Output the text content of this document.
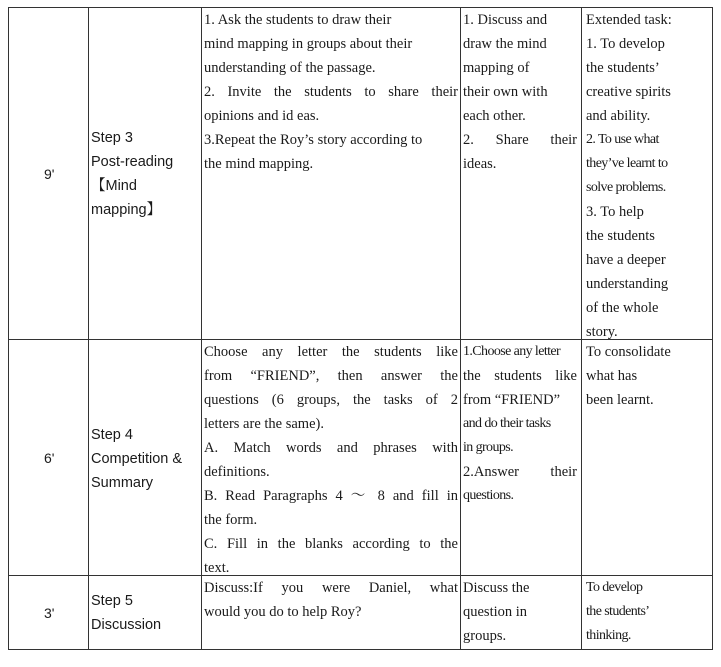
9'
Step 3
Post-reading
【Mind
mapping】
1. Ask the students to draw their
mind mapping in groups about their
understanding of the passage.
2. Invite the students to share their
opinions and id eas.
3.Repeat the Roy’s story according to
the mind mapping.
1. Discuss and
draw the mind
mapping of
their own with
each other.
2. Share their
ideas.
Extended task:
1. To develop
the students’
creative spirits
and ability.
2. To use what
they’ve learnt to
solve problems.
3. To help
the students
have a deeper
understanding
of the whole
story.
6'
Step 4
Competition &
Summary
Choose any letter the students like
from “FRIEND”, then answer the
questions (6 groups, the tasks of 2
letters are the same).
A. Match words and phrases with
definitions.
B. Read Paragraphs 4 ～ 8 and fill in
the form.
C. Fill in the blanks according to the
text.
1.Choose any letter
the students like
from “FRIEND”
and do their tasks
in groups.
2.Answer their
questions.
To consolidate
what has
been learnt.
3'
Step 5
Discussion
Discuss:If you were Daniel, what
would you do to help Roy?
Discuss the
question in
groups.
To develop
the students’
thinking.
